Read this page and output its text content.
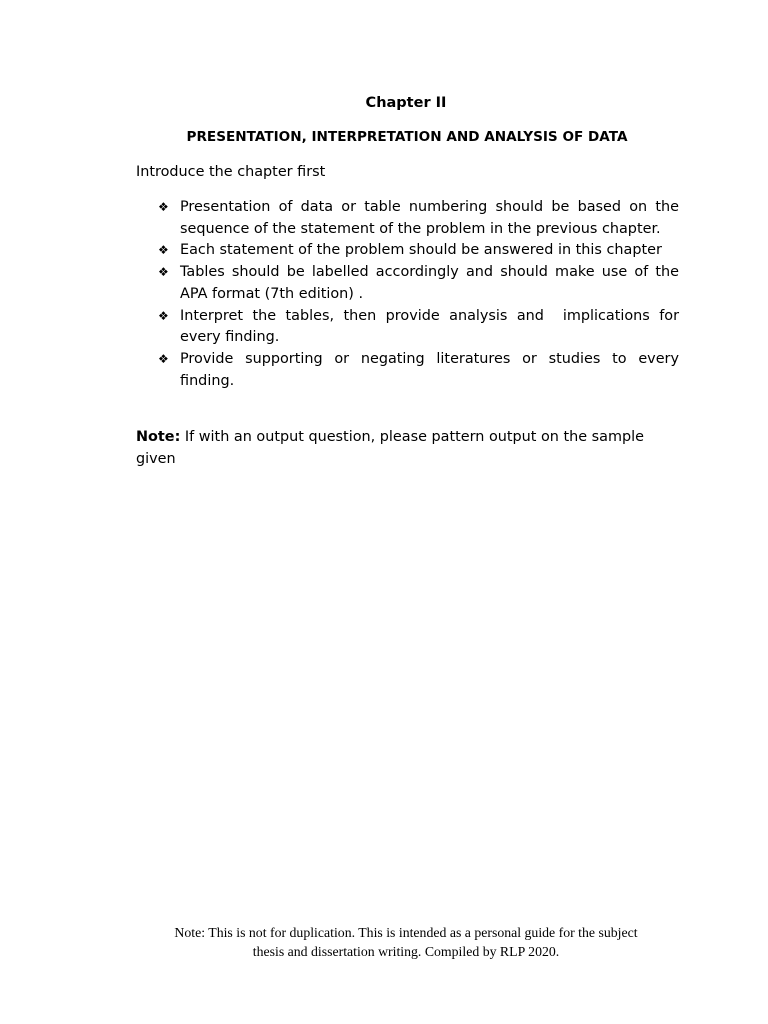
Chapter II
PRESENTATION, INTERPRETATION AND ANALYSIS OF DATA
Introduce the chapter first
❖ Presentation of data or table numbering should be based on the sequence of the statement of the problem in the previous chapter.
❖ Each statement of the problem should be answered in this chapter
❖ Tables should be labelled accordingly and should make use of the APA format (7th edition) .
❖ Interpret the tables, then provide analysis and  implications for every finding.
❖ Provide supporting or negating literatures or studies to every finding.
Note: If with an output question, please pattern output on the sample given
Note: This is not for duplication. This is intended as a personal guide for the subject
thesis and dissertation writing. Compiled by RLP 2020.
